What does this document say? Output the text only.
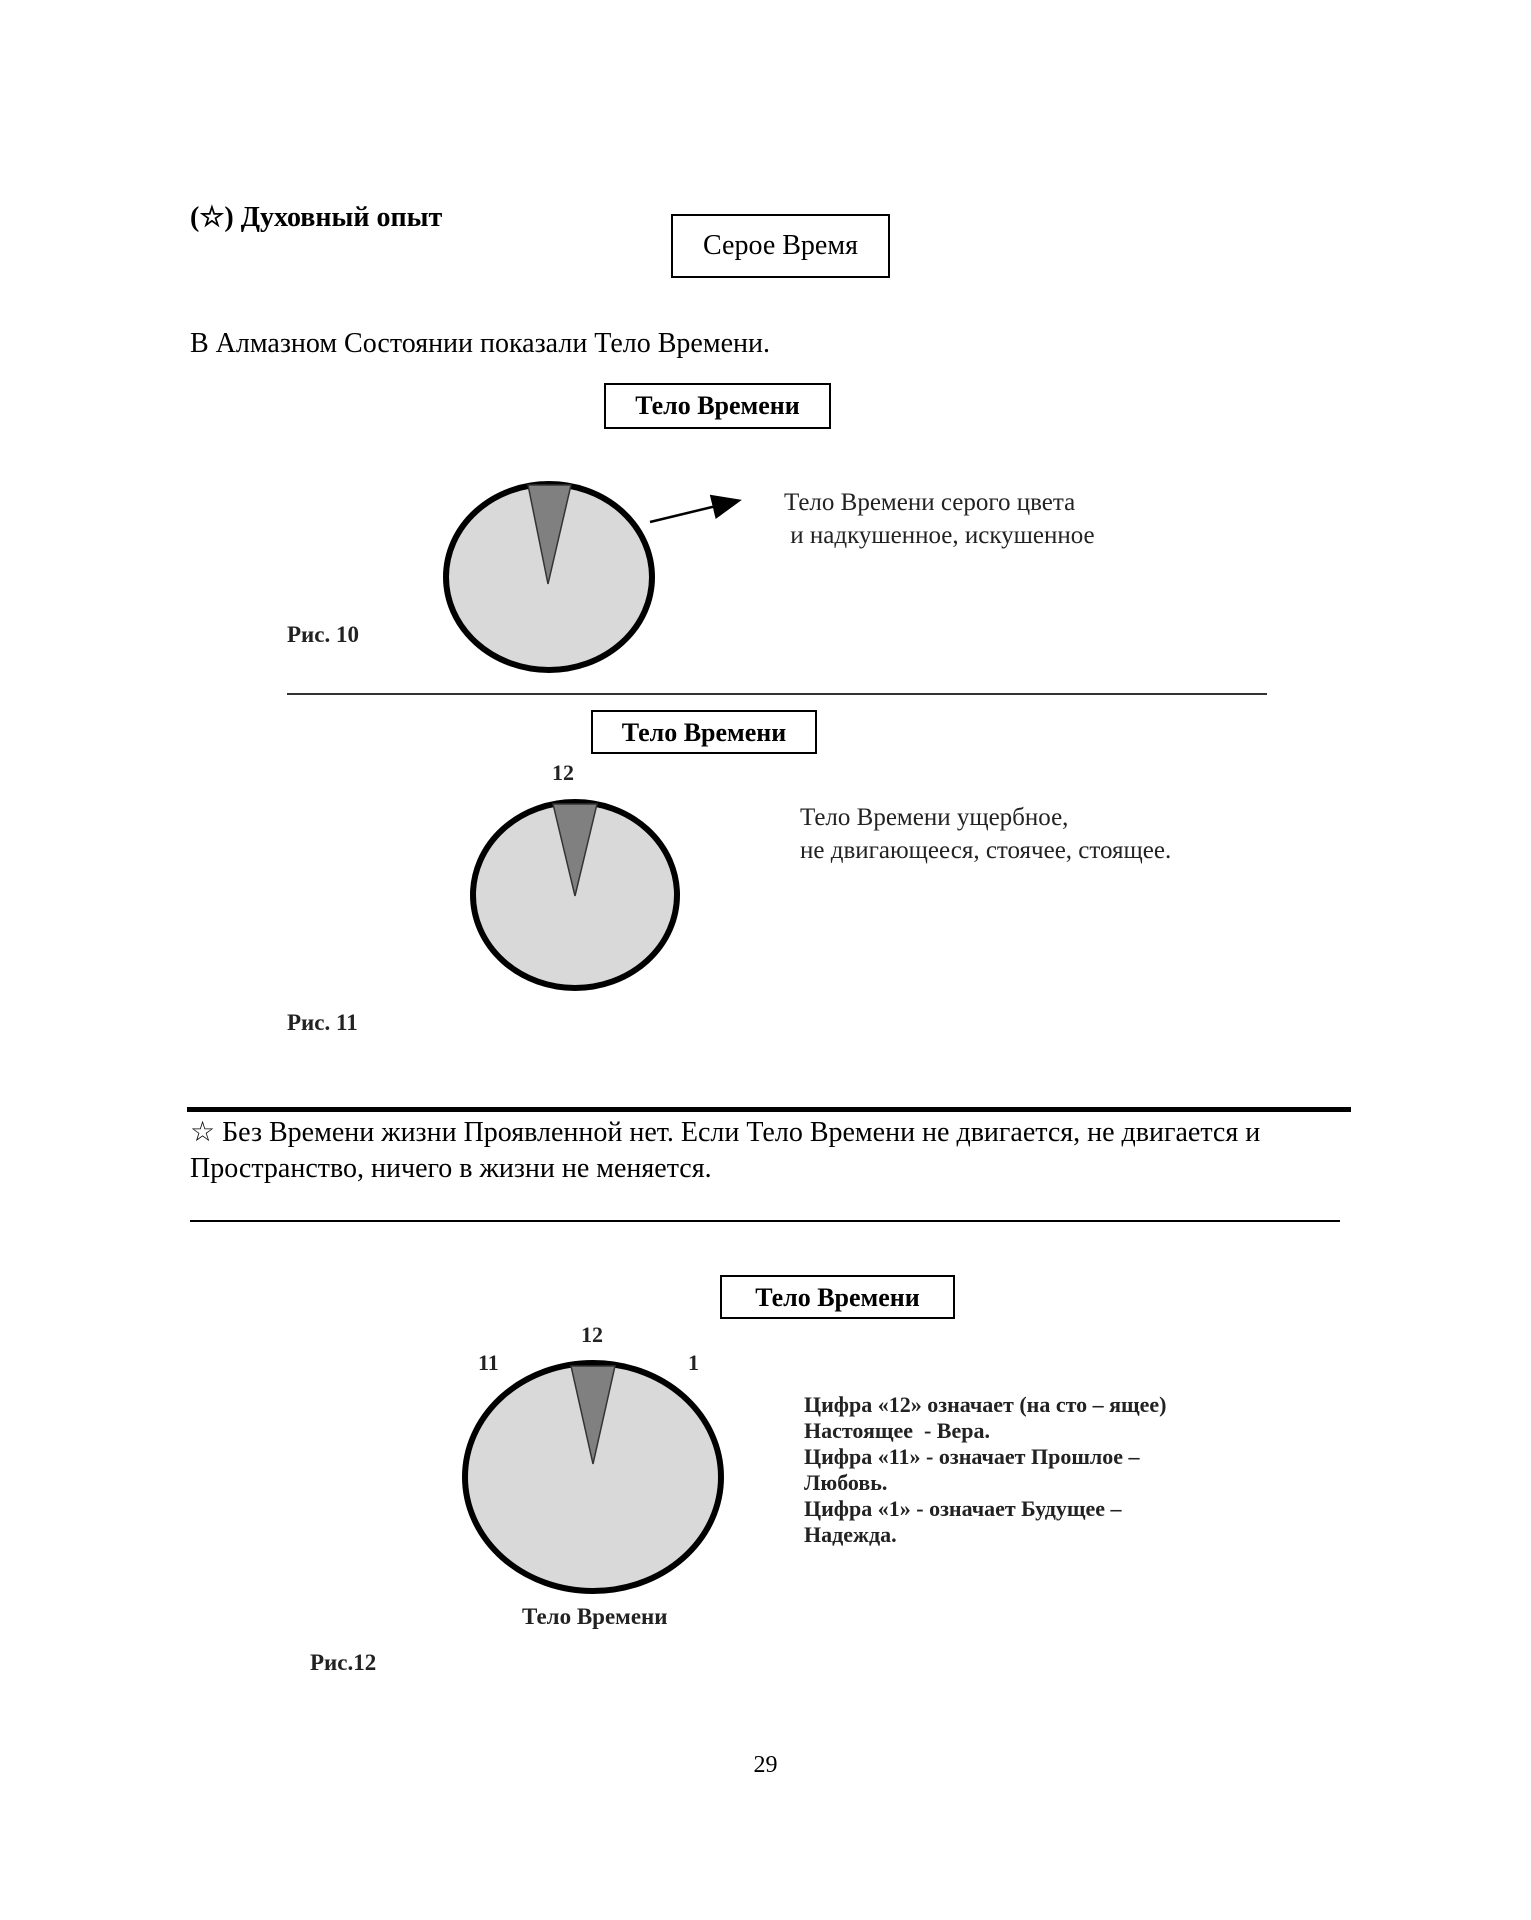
(☆) Духовный опыт
Серое Время
В Алмазном Состоянии показали Тело Времени.
Тело Времени
Тело Времени серого цвета
и надкушенное, искушенное
Рис. 10
Тело Времени
12
Тело Времени ущербное,
не двигающееся, стоячее, стоящее.
Рис. 11
☆ Без Времени жизни Проявленной нет. Если Тело Времени не двигается, не двигается и Пространство, ничего в жизни не меняется.
Тело Времени
12
11	1
Тело Времени
Цифра «12» означает (на сто – ящее)
Настоящее  - Вера.
Цифра «11» - означает Прошлое –
Любовь.
Цифра «1» - означает Будущее –
Надежда.
Рис.12
29
